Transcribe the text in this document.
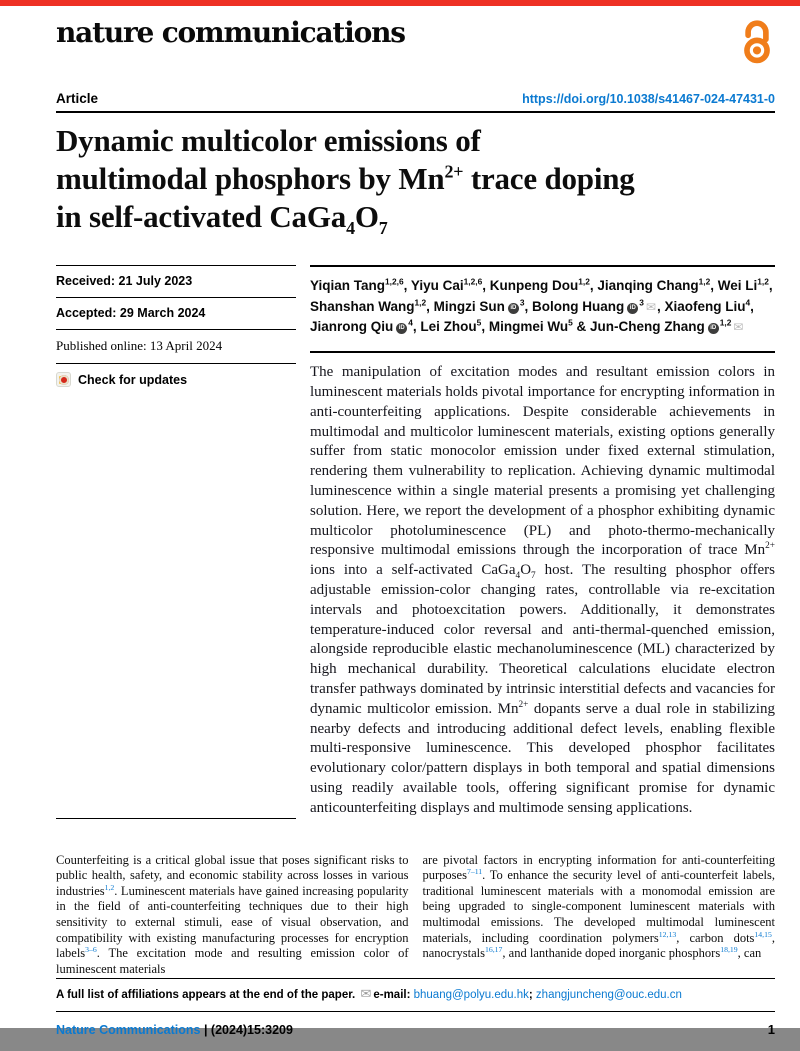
nature communications
Article	https://doi.org/10.1038/s41467-024-47431-0
Dynamic multicolor emissions of
multimodal phosphors by $Mn^{2+}$ trace doping
in self-activated $CaGa_4O_7$
Received: 21 July 2023
Accepted: 29 March 2024
Published online: 13 April 2024
Check for updates
Yiqian Tang$^{1,2,6}$, Yiyu Cai$^{1,2,6}$, Kunpeng Dou$^{1,2}$, Jianqing Chang$^{1,2}$, Wei Li$^{1,2}$,
Shanshan Wang$^{1,2}$, Mingzi Sun $iD^3$, Bolong Huang $iD^3$ ✉, Xiaofeng Liu$^4$,
Jianrong Qiu $iD^4$, Lei Zhou$^5$, Mingmei Wu$^5$ & Jun-Cheng Zhang iD$^{1,2}$ ✉
The manipulation of excitation modes and resultant emission colors in luminescent materials holds pivotal importance for encrypting information in anti-counterfeiting applications. Despite considerable achievements in multimodal and multicolor luminescent materials, existing options generally suffer from static monocolor emission under fixed external stimulation, rendering them vulnerability to replication. Achieving dynamic multimodal luminescence within a single material presents a promising yet challenging solution. Here, we report the development of a phosphor exhibiting dynamic multicolor photoluminescence (PL) and photo-thermo-mechanically responsive multimodal emissions through the incorporation of trace $Mn^{2+}$ ions into a self-activated $CaGa_4O_7$ host. The resulting phosphor offers adjustable emission-color changing rates, controllable via re-excitation intervals and photoexcitation powers. Additionally, it demonstrates temperature-induced color reversal and anti-thermal-quenched emission, alongside reproducible elastic mechanoluminescence (ML) characterized by high mechanical durability. Theoretical calculations elucidate electron transfer pathways dominated by intrinsic interstitial defects and vacancies for dynamic multicolor emission. $Mn^{2+}$ dopants serve a dual role in stabilizing nearby defects and introducing additional defect levels, enabling flexible multi-responsive luminescence. This developed phosphor facilitates evolutionary color/pattern displays in both temporal and spatial dimensions using readily available tools, offering significant promise for dynamic anticounterfeiting displays and multimode sensing applications.

Counterfeiting is a critical global issue that poses significant risks to public health, safety, and economic stability across losses in various industries$^{1,2}$. Luminescent materials have gained increasing popularity in the field of anti-counterfeiting techniques due to their high sensitivity to external stimuli, ease of visual observation, and compatibility with existing manufacturing processes for encryption labels$^{3-6}$. The excitation mode and resulting emission color of luminescent materials

are pivotal factors in encrypting information for anti-counterfeiting purposes$^{7-11}$. To enhance the security level of anti-counterfeit labels, traditional luminescent materials with a monomodal emission are being upgraded to single-component luminescent materials with multimodal emissions. The developed multimodal luminescent materials, including coordination polymers$^{12,13}$, carbon dots$^{14,15}$, nanocrystals$^{16,17}$, and lanthanide doped inorganic phosphors$^{18,19}$, can

A full list of affiliations appears at the end of the paper. ✉ e-mail: bhuang@polyu.edu.hk; zhangjuncheng@ouc.edu.cn
Nature Communications | (2024)15:3209	1
